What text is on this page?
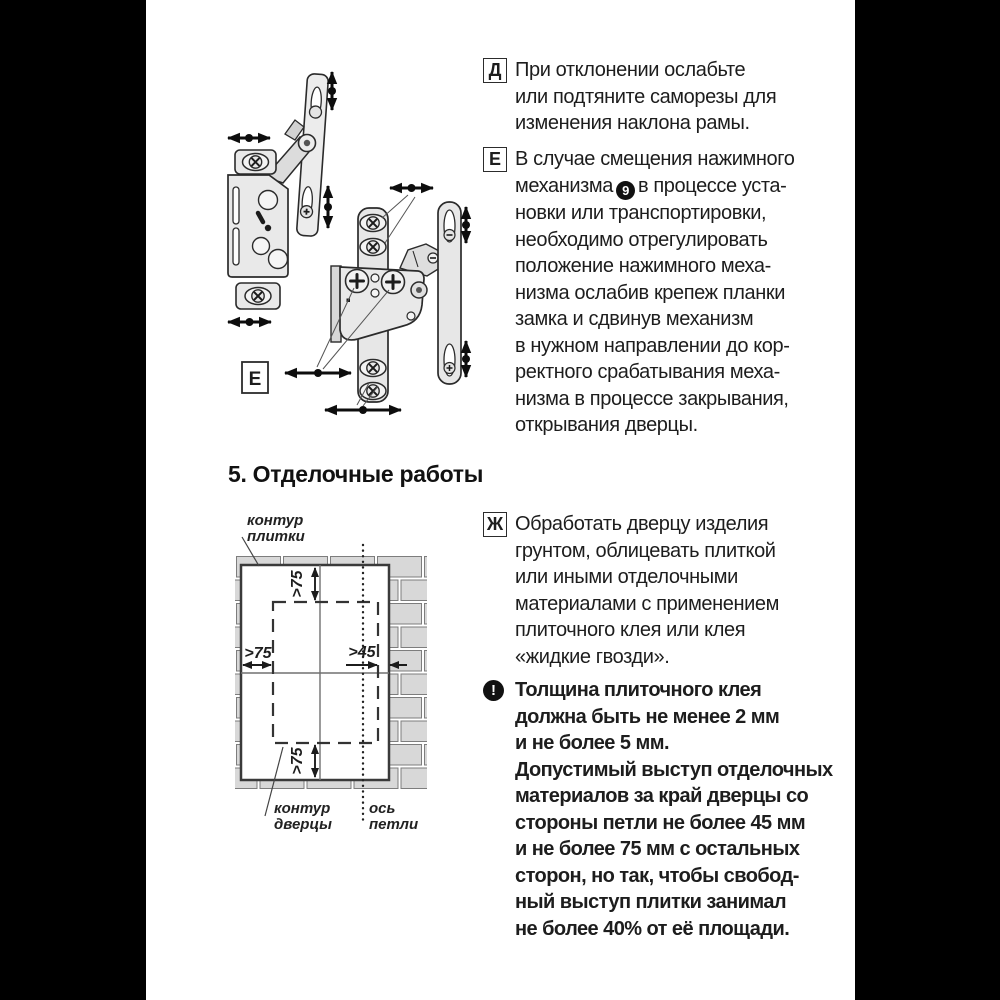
E
Д При отклонении ослабьте
или подтяните саморезы для
изменения наклона рамы.
Е В случае смещения нажимного
механизма 9 в процессе уста-
новки или транспортировки,
необходимо отрегулировать
положение нажимного меха-
низма ослабив крепеж планки
замка и сдвинув механизм
в нужном направлении до кор-
ректного срабатывания меха-
низма в процессе закрывания,
открывания дверцы.
5. Отделочные работы
>75
>75	>45
>75
контур
плитки
контур
дверцы
ось
петли
Ж Обработать дверцу изделия
грунтом, облицевать плиткой
или иными отделочными
материалами с применением
плиточного клея или клея
«жидкие гвозди».
! Толщина плиточного клея
должна быть не менее 2 мм
и не более 5 мм.
Допустимый выступ отделочных
материалов за край дверцы со
стороны петли не более 45 мм
и не более 75 мм с остальных
сторон, но так, чтобы свобод-
ный выступ плитки занимал
не более 40% от её площади.
